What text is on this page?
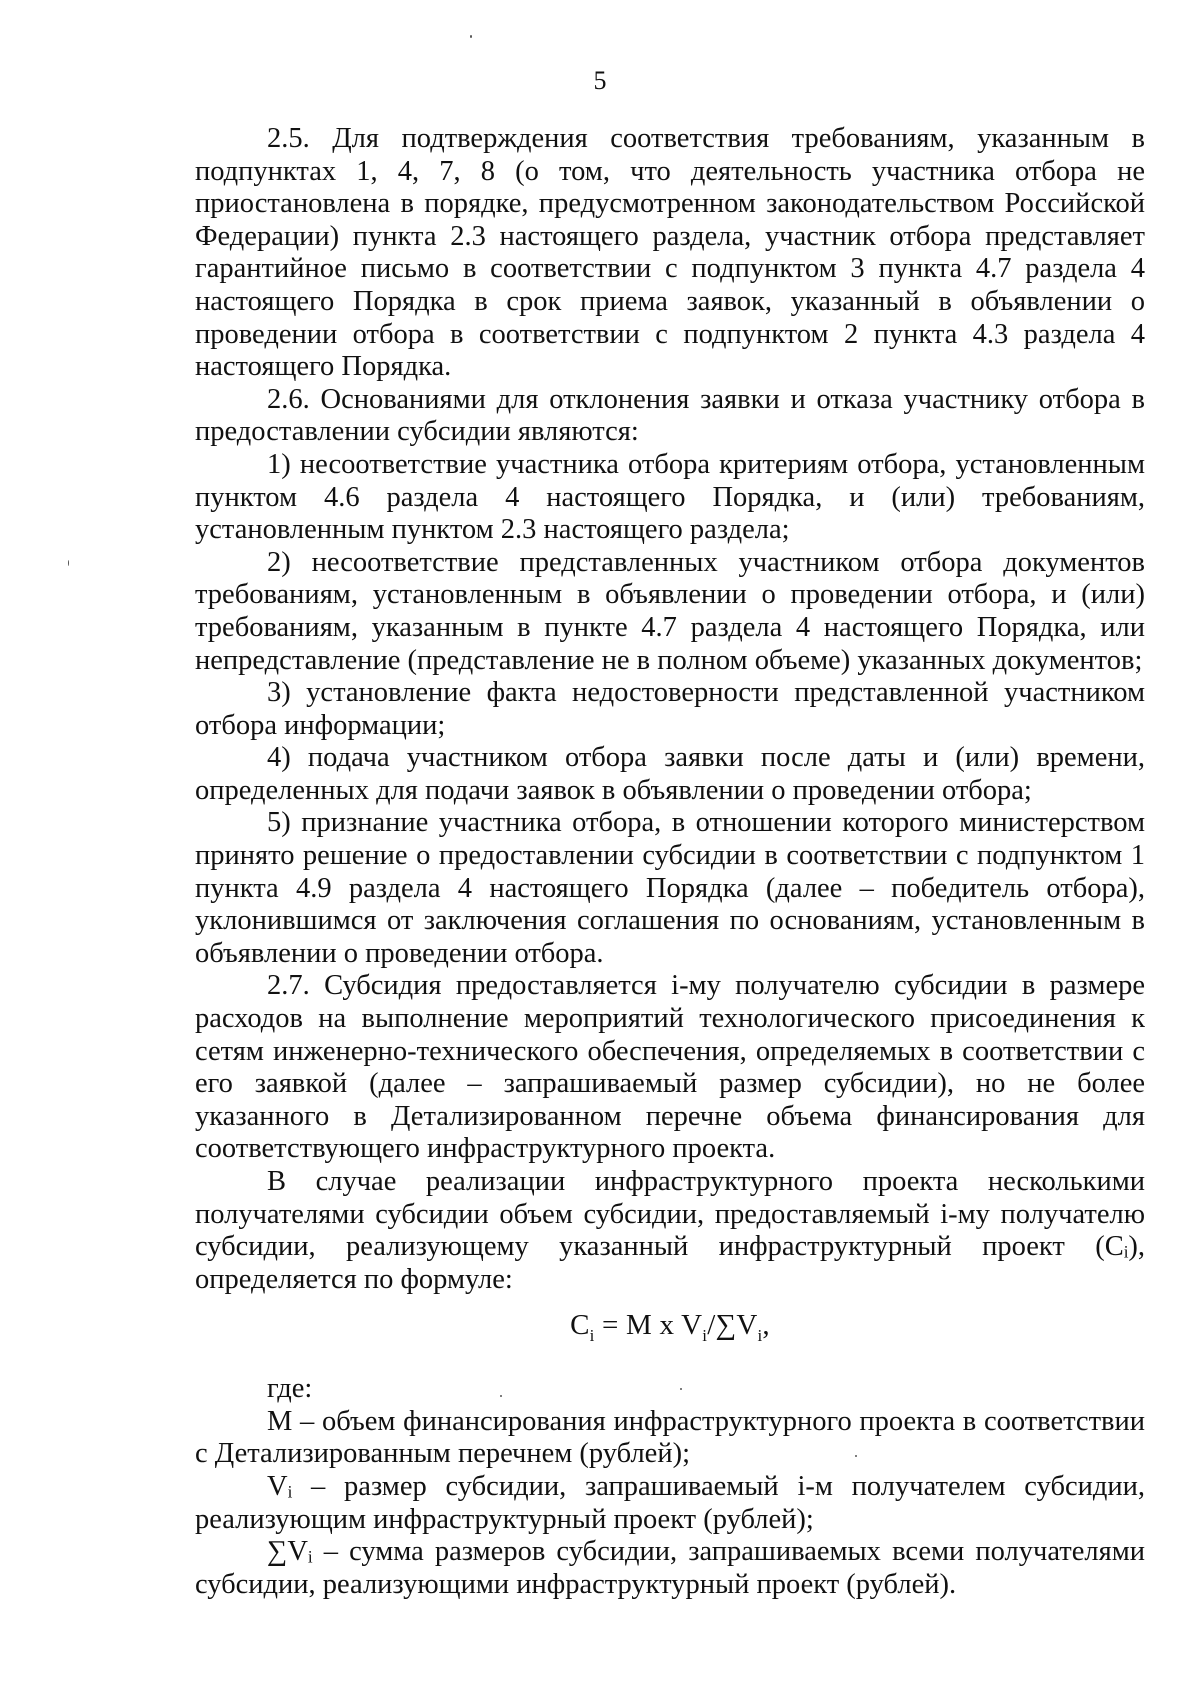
5

2.5. Для подтверждения соответствия требованиям, указанным в подпунктах 1, 4, 7, 8 (о том, что деятельность участника отбора не приостановлена в порядке, предусмотренном законодательством Российской Федерации) пункта 2.3 настоящего раздела, участник отбора представляет гарантийное письмо в соответствии с подпунктом 3 пункта 4.7 раздела 4 настоящего Порядка в срок приема заявок, указанный в объявлении о проведении отбора в соответствии с подпунктом 2 пункта 4.3 раздела 4 настоящего Порядка.

2.6. Основаниями для отклонения заявки и отказа участнику отбора в предоставлении субсидии являются:

1) несоответствие участника отбора критериям отбора, установленным пунктом 4.6 раздела 4 настоящего Порядка, и (или) требованиям, установленным пунктом 2.3 настоящего раздела;

2) несоответствие представленных участником отбора документов требованиям, установленным в объявлении о проведении отбора, и (или) требованиям, указанным в пункте 4.7 раздела 4 настоящего Порядка, или непредставление (представление не в полном объеме) указанных документов;

3) установление факта недостоверности представленной участником отбора информации;

4) подача участником отбора заявки после даты и (или) времени, определенных для подачи заявок в объявлении о проведении отбора;

5) признание участника отбора, в отношении которого министерством принято решение о предоставлении субсидии в соответствии с подпунктом 1 пункта 4.9 раздела 4 настоящего Порядка (далее – победитель отбора), уклонившимся от заключения соглашения по основаниям, установленным в объявлении о проведении отбора.

2.7. Субсидия предоставляется і-му получателю субсидии в размере расходов на выполнение мероприятий технологического присоединения к сетям инженерно-технического обеспечения, определяемых в соответствии с его заявкой (далее – запрашиваемый размер субсидии), но не более указанного в Детализированном перечне объема финансирования для соответствующего инфраструктурного проекта.

В случае реализации инфраструктурного проекта несколькими получателями субсидии объем субсидии, предоставляемый і-му получателю субсидии, реализующему указанный инфраструктурный проект (Cᵢ), определяется по формуле:

$C_i = M$ x $V_i/\sum V_i$,

где:

M – объем финансирования инфраструктурного проекта в соответствии с Детализированным перечнем (рублей);

Vᵢ – размер субсидии, запрашиваемый і-м получателем субсидии, реализующим инфраструктурный проект (рублей);

∑Vᵢ – сумма размеров субсидии, запрашиваемых всеми получателями субсидии, реализующими инфраструктурный проект (рублей).
